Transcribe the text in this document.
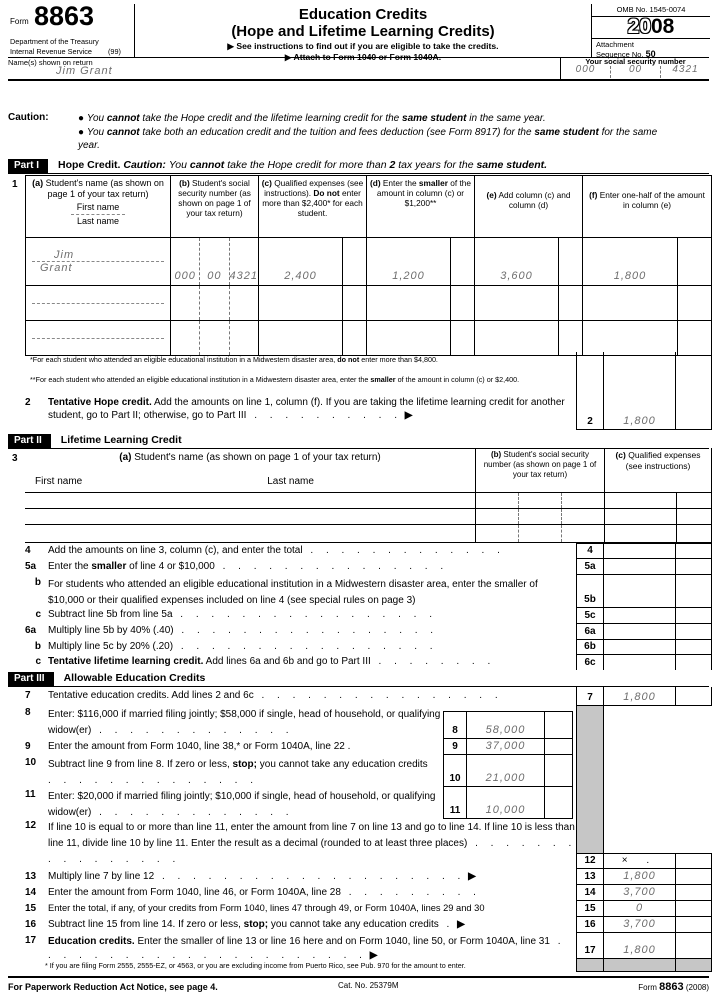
Form 8863
Department of the Treasury
Internal Revenue Service (99)
Education Credits
(Hope and Lifetime Learning Credits)
▶ See instructions to find out if you are eligible to take the credits.
▶ Attach to Form 1040 or Form 1040A.
OMB No. 1545-0074
2008
Attachment
Sequence No. 50
Name(s) shown on return
Jim Grant
Your social security number
000	00	4321
Caution:	● You cannot take the Hope credit and the lifetime learning credit for the same student in the same year.
● You cannot take both an education credit and the tuition and fees deduction (see Form 8917) for the same student for the same year.
Part I	Hope Credit. Caution: You cannot take the Hope credit for more than 2 tax years for the same student.
1	(a) Student's name (as shown on page 1 of your tax return)
First name
Last name
(b) Student's social security number (as shown on page 1 of your tax return)
(c) Qualified expenses (see instructions). Do not enter more than $2,400* for each student.
(d) Enter the smaller of the amount in column (c) or $1,200**
(e) Add column (c) and column (d)
(f) Enter one-half of the amount in column (e)
Jim
Grant
000	00 4321	2,400	1,200	3,600	1,800
*For each student who attended an eligible educational institution in a Midwestern disaster area, do not enter more than $4,800.
**For each student who attended an eligible educational institution in a Midwestern disaster area, enter the smaller of the amount in column (c) or $2,400.
2	Tentative Hope credit. Add the amounts on line 1, column (f). If you are taking the lifetime learning credit for another student, go to Part II; otherwise, go to Part III . . . . . . . . . . ▶
2	1,800
Part II	Lifetime Learning Credit
3	(a) Student's name (as shown on page 1 of your tax return)
First name	Last name
(b) Student's social security number (as shown on page 1 of your tax return)
(c) Qualified expenses (see instructions)
4	Add the amounts on line 3, column (c), and enter the total . . . . . . . . . . . . .
5a	Enter the smaller of line 4 or $10,000 . . . . . . . . . . . . . . .
b For students who attended an eligible educational institution in a Midwestern disaster area, enter the smaller of $10,000 or their qualified expenses included on line 4 (see special rules on page 3)
c Subtract line 5b from line 5a . . . . . . . . . . . . . . . . .
6a	Multiply line 5b by 40% (.40) . . . . . . . . . . . . . . . . .
b Multiply line 5c by 20% (.20) . . . . . . . . . . . . . . . . .
c Tentative lifetime learning credit. Add lines 6a and 6b and go to Part III . . . . . . . .
4
5a
5b
5c
6a
6b
6c
Part III	Allowable Education Credits
7	Tentative education credits. Add lines 2 and 6c . . . . . . . . . . . . . . . .	7	1,800
8	Enter: $116,000 if married filing jointly; $58,000 if single, head of household, or qualifying widow(er) . . . . . . . . . . . . .
9	Enter the amount from Form 1040, line 38,* or Form 1040A, line 22 .
10	Subtract line 9 from line 8. If zero or less, stop; you cannot take any education credits . . . . . . . . . . . . . .
11	Enter: $20,000 if married filing jointly; $10,000 if single, head of household, or qualifying widow(er) . . . . . . . . . . . . .
8	58,000
9	37,000
10	21,000
11	10,000
12	If line 10 is equal to or more than line 11, enter the amount from line 7 on line 13 and go to line 14. If line 10 is less than line 11, divide line 10 by line 11. Enter the result as a decimal (rounded to at least three places) . . . . . . . . . . . . . . . .	12	× .
13	Multiply line 7 by line 12 . . . . . . . . . . . . . . . . . . . . ▶
14	Enter the amount from Form 1040, line 46, or Form 1040A, line 28 . . . . . . . . .
15	Enter the total, if any, of your credits from Form 1040, lines 47 through 49, or Form 1040A, lines 29 and 30
16	Subtract line 15 from line 14. If zero or less, stop; you cannot take any education credits . ▶
13	1,800
14	3,700
15	0
16	3,700
17	Education credits. Enter the smaller of line 13 or line 16 here and on Form 1040, line 50, or Form 1040A, line 31 . . . . . . . . . . . . . . . . . . . . . . ▶	17	1,800
* If you are filing Form 2555, 2555-EZ, or 4563, or you are excluding income from Puerto Rico, see Pub. 970 for the amount to enter.
For Paperwork Reduction Act Notice, see page 4.	Cat. No. 25379M	Form 8863 (2008)
